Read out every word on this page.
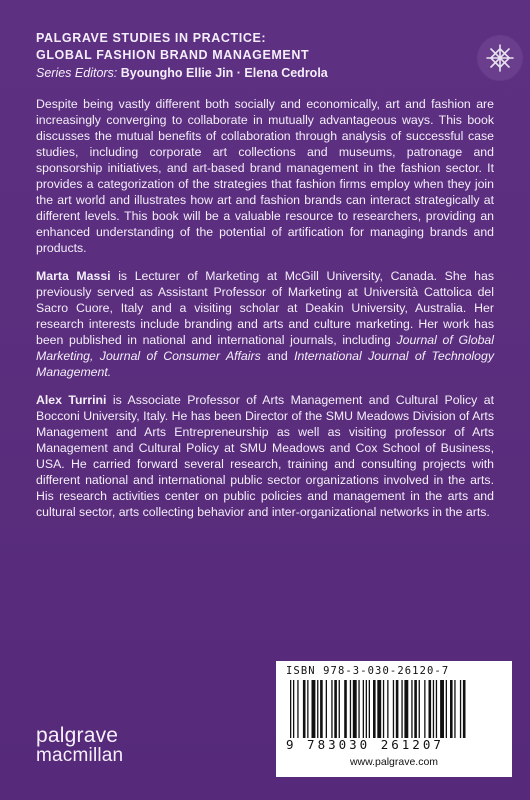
PALGRAVE STUDIES IN PRACTICE:
GLOBAL FASHION BRAND MANAGEMENT
Series Editors: Byoungho Ellie Jin · Elena Cedrola

Despite being vastly different both socially and economically, art and fashion are increasingly converging to collaborate in mutually advantageous ways. This book discusses the mutual benefits of collaboration through analysis of successful case studies, including corporate art collections and museums, patronage and sponsorship initiatives, and art-based brand management in the fashion sector. It provides a categorization of the strategies that fashion firms employ when they join the art world and illustrates how art and fashion brands can interact strategically at different levels. This book will be a valuable resource to researchers, providing an enhanced understanding of the potential of artification for managing brands and products.

Marta Massi is Lecturer of Marketing at McGill University, Canada. She has previously served as Assistant Professor of Marketing at Università Cattolica del Sacro Cuore, Italy and a visiting scholar at Deakin University, Australia. Her research interests include branding and arts and culture marketing. Her work has been published in national and international journals, including Journal of Global Marketing, Journal of Consumer Affairs and International Journal of Technology Management.

Alex Turrini is Associate Professor of Arts Management and Cultural Policy at Bocconi University, Italy. He has been Director of the SMU Meadows Division of Arts Management and Arts Entrepreneurship as well as visiting professor of Arts Management and Cultural Policy at SMU Meadows and Cox School of Business, USA. He carried forward several research, training and consulting projects with different national and international public sector organizations involved in the arts. His research activities center on public policies and management in the arts and cultural sector, arts collecting behavior and inter-organizational networks in the arts.

ISBN 978-3-030-26120-7
9 783030 261207
www.palgrave.com
palgrave
macmillan
